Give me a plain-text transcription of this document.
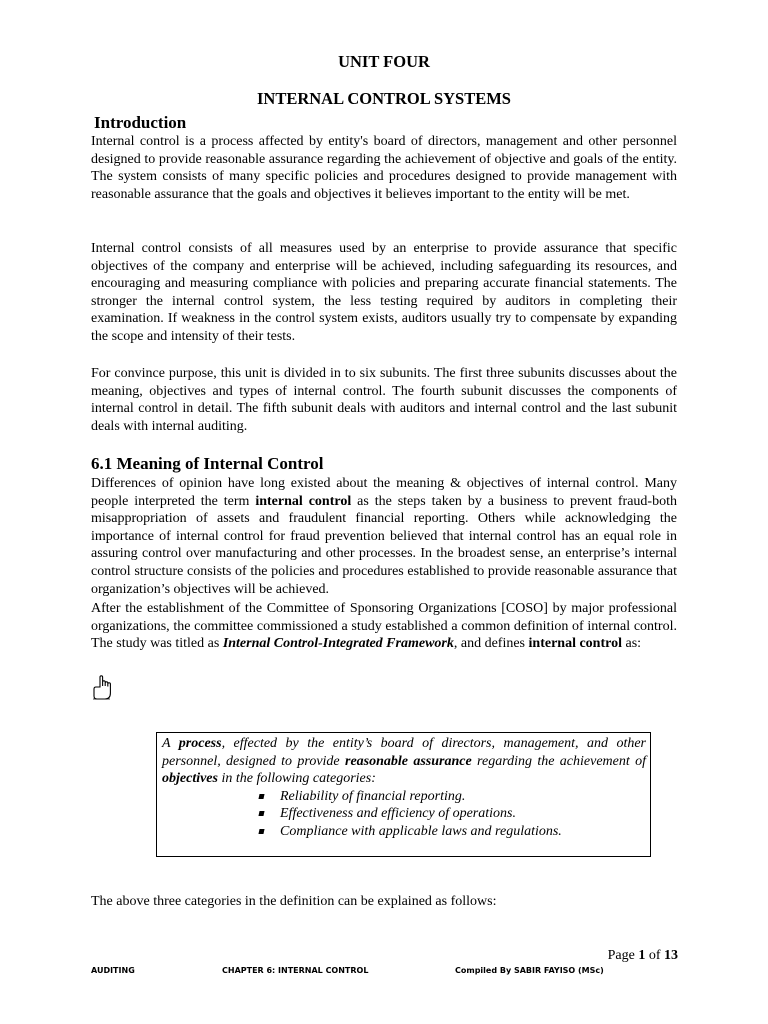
UNIT FOUR
INTERNAL CONTROL SYSTEMS
Introduction

Internal control is a process affected by entity's board of directors, management and other personnel designed to provide reasonable assurance regarding the achievement of objective and goals of the entity. The system consists of many specific policies and procedures designed to provide management with reasonable assurance that the goals and objectives it believes important to the entity will be met.

Internal control consists of all measures used by an enterprise to provide assurance that specific objectives of the company and enterprise will be achieved, including safeguarding its resources, and encouraging and measuring compliance with policies and preparing accurate financial statements. The stronger the internal control system, the less testing required by auditors in completing their examination. If weakness in the control system exists, auditors usually try to compensate by expanding the scope and intensity of their tests.

For convince purpose, this unit is divided in to six subunits. The first three subunits discusses about the meaning, objectives and types of internal control. The fourth subunit discusses the components of internal control in detail. The fifth subunit deals with auditors and internal control and the last subunit deals with internal auditing.

6.1 Meaning of Internal Control

Differences of opinion have long existed about the meaning & objectives of internal control. Many people interpreted the term internal control as the steps taken by a business to prevent fraud-both misappropriation of assets and fraudulent financial reporting. Others while acknowledging the importance of internal control for fraud prevention believed that internal control has an equal role in assuring control over manufacturing and other processes. In the broadest sense, an enterprise’s internal control structure consists of the policies and procedures established to provide reasonable assurance that organization’s objectives will be achieved.

After the establishment of the Committee of Sponsoring Organizations [COSO] by major professional organizations, the committee commissioned a study established a common definition of internal control. The study was titled as Internal Control-Integrated Framework, and defines internal control as:

A process, effected by the entity’s board of directors, management, and other personnel, designed to provide reasonable assurance regarding the achievement of objectives in the following categories:
Reliability of financial reporting.
Effectiveness and efficiency of operations.
Compliance with applicable laws and regulations.

The above three categories in the definition can be explained as follows:

Page 1 of 13
AUDITING	CHAPTER 6: INTERNAL CONTROL	Compiled By SABIR FAYISO (MSc)
